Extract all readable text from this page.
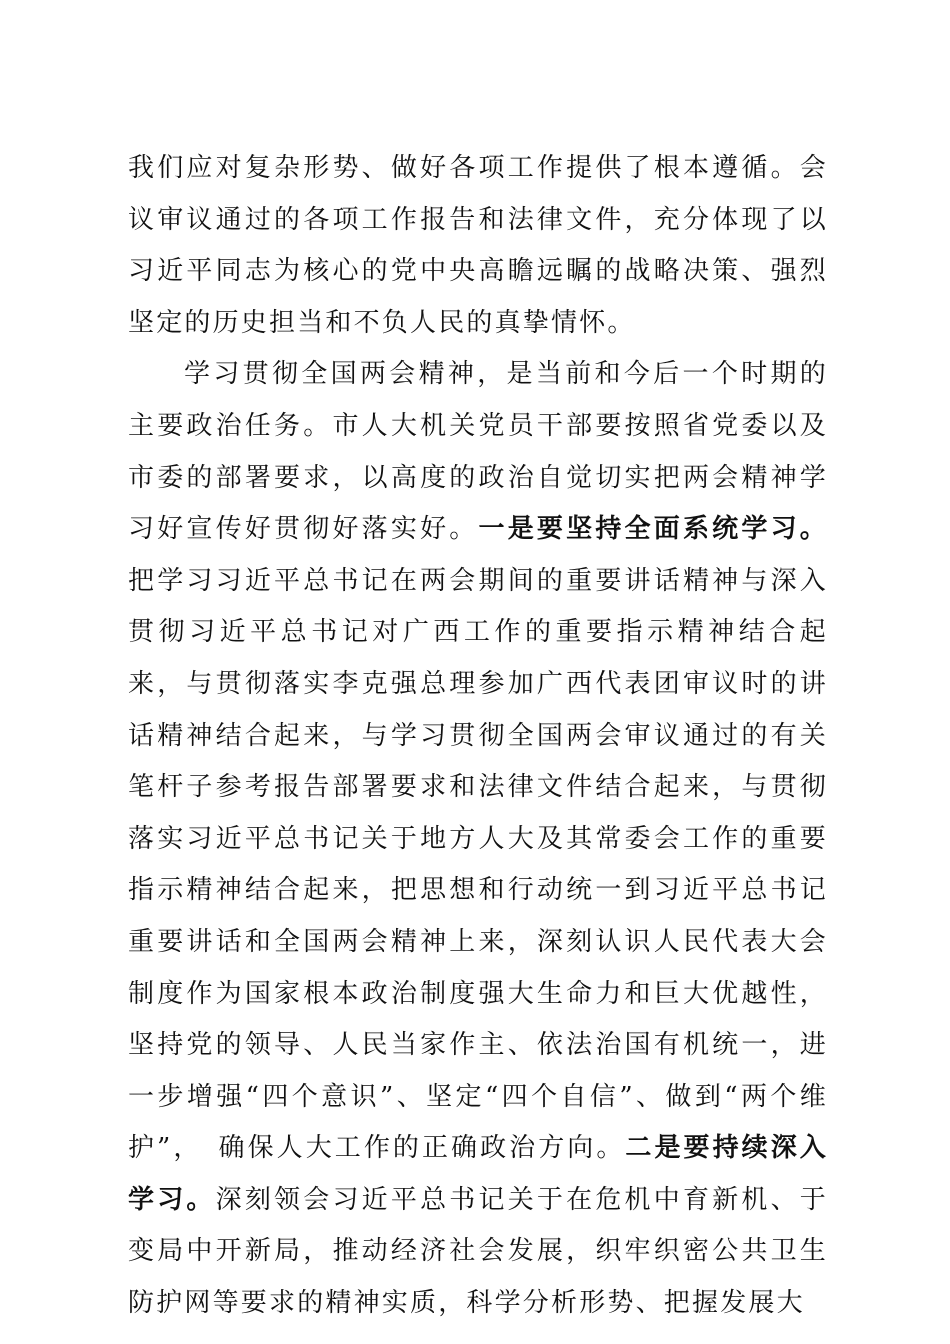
我们应对复杂形势、做好各项工作提供了根本遵循。会议审议通过的各项工作报告和法律文件，充分体现了以习近平同志为核心的党中央高瞻远瞩的战略决策、强烈坚定的历史担当和不负人民的真挚情怀。

学习贯彻全国两会精神，是当前和今后一个时期的主要政治任务。市人大机关党员干部要按照省党委以及市委的部署要求，以高度的政治自觉切实把两会精神学习好宣传好贯彻好落实好。一是要坚持全面系统学习。把学习习近平总书记在两会期间的重要讲话精神与深入贯彻习近平总书记对广西工作的重要指示精神结合起来，与贯彻落实李克强总理参加广西代表团审议时的讲话精神结合起来，与学习贯彻全国两会审议通过的有关笔杆子参考报告部署要求和法律文件结合起来，与贯彻落实习近平总书记关于地方人大及其常委会工作的重要指示精神结合起来，把思想和行动统一到习近平总书记重要讲话和全国两会精神上来，深刻认识人民代表大会制度作为国家根本政治制度强大生命力和巨大优越性，坚持党的领导、人民当家作主、依法治国有机统一，进一步增强“四个意识”、坚定“四个自信”、做到“两个维护”，　确保人大工作的正确政治方向。二是要持续深入学习。深刻领会习近平总书记关于在危机中育新机、于变局中开新局，推动经济社会发展，织牢织密公共卫生防护网等要求的精神实质，科学分析形势、把握发展大
